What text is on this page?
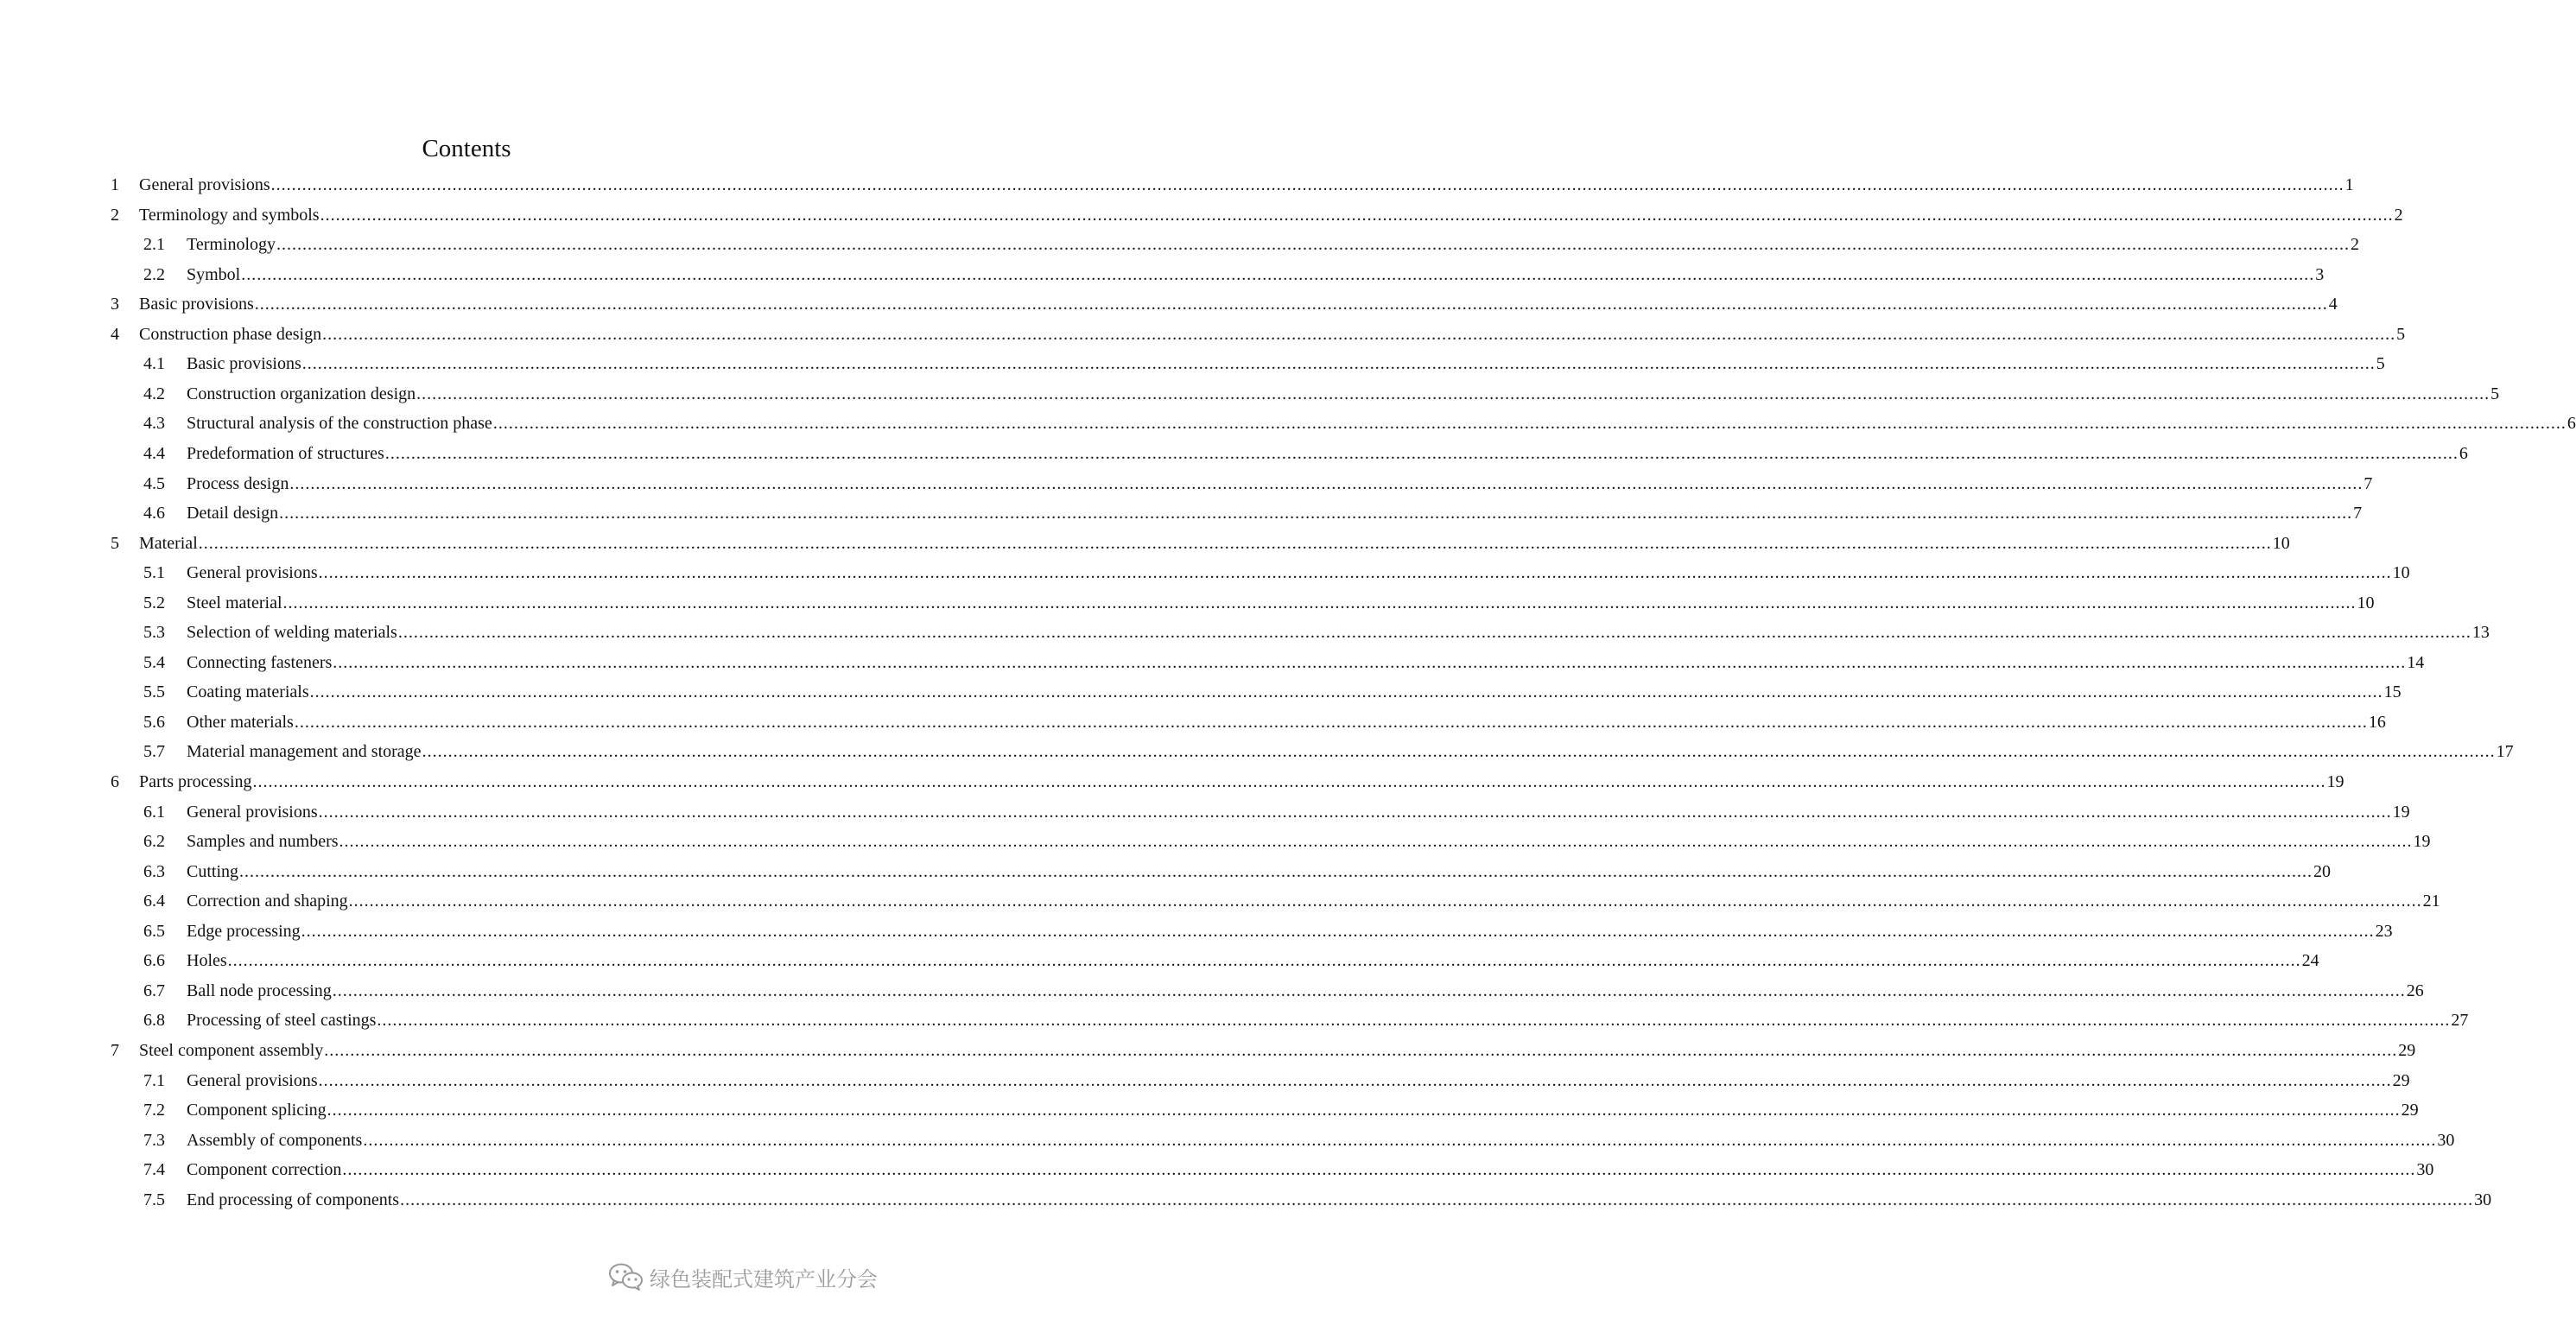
Contents
1	General provisions ................................................................................................................................................................................................................................................................................................................................................................................................................ 1
2	Terminology and symbols ................................................................................................................................................................................................................................................................................................................................................................................................................ 2
2.1	Terminology ................................................................................................................................................................................................................................................................................................................................................................................................................ 2
2.2	Symbol ................................................................................................................................................................................................................................................................................................................................................................................................................ 3
3	Basic provisions ................................................................................................................................................................................................................................................................................................................................................................................................................ 4
4	Construction phase design ................................................................................................................................................................................................................................................................................................................................................................................................................ 5
4.1	Basic provisions ................................................................................................................................................................................................................................................................................................................................................................................................................ 5
4.2	Construction organization design ................................................................................................................................................................................................................................................................................................................................................................................................................ 5
4.3	Structural analysis of the construction phase ................................................................................................................................................................................................................................................................................................................................................................................................................ 6
4.4	Predeformation of structures ................................................................................................................................................................................................................................................................................................................................................................................................................ 6
4.5	Process design ................................................................................................................................................................................................................................................................................................................................................................................................................ 7
4.6	Detail design ................................................................................................................................................................................................................................................................................................................................................................................................................ 7
5	Material ................................................................................................................................................................................................................................................................................................................................................................................................................ 10
5.1	General provisions ................................................................................................................................................................................................................................................................................................................................................................................................................ 10
5.2	Steel material ................................................................................................................................................................................................................................................................................................................................................................................................................ 10
5.3	Selection of welding materials ................................................................................................................................................................................................................................................................................................................................................................................................................ 13
5.4	Connecting fasteners ................................................................................................................................................................................................................................................................................................................................................................................................................ 14
5.5	Coating materials ................................................................................................................................................................................................................................................................................................................................................................................................................ 15
5.6	Other materials ................................................................................................................................................................................................................................................................................................................................................................................................................ 16
5.7	Material management and storage ................................................................................................................................................................................................................................................................................................................................................................................................................ 17
6	Parts processing ................................................................................................................................................................................................................................................................................................................................................................................................................ 19
6.1	General provisions ................................................................................................................................................................................................................................................................................................................................................................................................................ 19
6.2	Samples and numbers ................................................................................................................................................................................................................................................................................................................................................................................................................ 19
6.3	Cutting ................................................................................................................................................................................................................................................................................................................................................................................................................ 20
6.4	Correction and shaping ................................................................................................................................................................................................................................................................................................................................................................................................................ 21
6.5	Edge processing ................................................................................................................................................................................................................................................................................................................................................................................................................ 23
6.6	Holes ................................................................................................................................................................................................................................................................................................................................................................................................................ 24
6.7	Ball node processing ................................................................................................................................................................................................................................................................................................................................................................................................................ 26
6.8	Processing of steel castings ................................................................................................................................................................................................................................................................................................................................................................................................................ 27
7	Steel component assembly ................................................................................................................................................................................................................................................................................................................................................................................................................ 29
7.1	General provisions ................................................................................................................................................................................................................................................................................................................................................................................................................ 29
7.2	Component splicing ................................................................................................................................................................................................................................................................................................................................................................................................................ 29
7.3	Assembly of components ................................................................................................................................................................................................................................................................................................................................................................................................................ 30
7.4	Component correction ................................................................................................................................................................................................................................................................................................................................................................................................................ 30
7.5	End processing of components ................................................................................................................................................................................................................................................................................................................................................................................................................ 30
绿色装配式建筑产业分会
